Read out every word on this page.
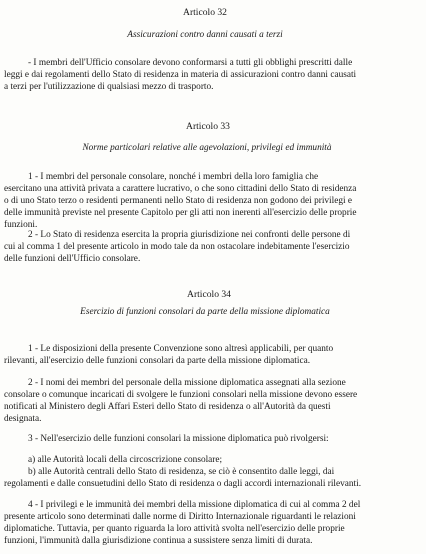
Articolo 32
Assicurazioni contro danni causati a terzi
- I membri dell'Ufficio consolare devono conformarsi a tutti gli obblighi prescritti dalle
leggi e dai regolamenti dello Stato di residenza in materia di assicurazioni contro danni causati
a terzi per l'utilizzazione di qualsiasi mezzo di trasporto.
Articolo 33
Norme particolari relative alle agevolazioni, privilegi ed immunità
1 - I membri del personale consolare, nonché i membri della loro famiglia che
esercitano una attività privata a carattere lucrativo, o che sono cittadini dello Stato di residenza
o di uno Stato terzo o residenti permanenti nello Stato di residenza non godono dei privilegi e
delle immunità previste nel presente Capitolo per gli atti non inerenti all'esercizio delle proprie
funzioni.
2 - Lo Stato di residenza esercita la propria giurisdizione nei confronti delle persone di
cui al comma 1 del presente articolo in modo tale da non ostacolare indebitamente l'esercizio
delle funzioni dell'Ufficio consolare.
Articolo 34
Esercizio di funzioni consolari da parte della missione diplomatica
1 - Le disposizioni della presente Convenzione sono altresì applicabili, per quanto
rilevanti, all'esercizio delle funzioni consolari da parte della missione diplomatica.
2 - I nomi dei membri del personale della missione diplomatica assegnati alla sezione
consolare o comunque incaricati di svolgere le funzioni consolari nella missione devono essere
notificati al Ministero degli Affari Esteri dello Stato di residenza o all'Autorità da questi
designata.
3 - Nell'esercizio delle funzioni consolari la missione diplomatica può rivolgersi:
a) alle Autorità locali della circoscrizione consolare;
b) alle Autorità centrali dello Stato di residenza, se ciò è consentito dalle leggi, dai
regolamenti e dalle consuetudini dello Stato di residenza o dagli accordi internazionali rilevanti.
4 - I privilegi e le immunità dei membri della missione diplomatica di cui al comma 2 del
presente articolo sono determinati dalle norme di Diritto Internazionale riguardanti le relazioni
diplomatiche. Tuttavia, per quanto riguarda la loro attività svolta nell'esercizio delle proprie
funzioni, l'immunità dalla giurisdizione continua a sussistere senza limiti di durata.
